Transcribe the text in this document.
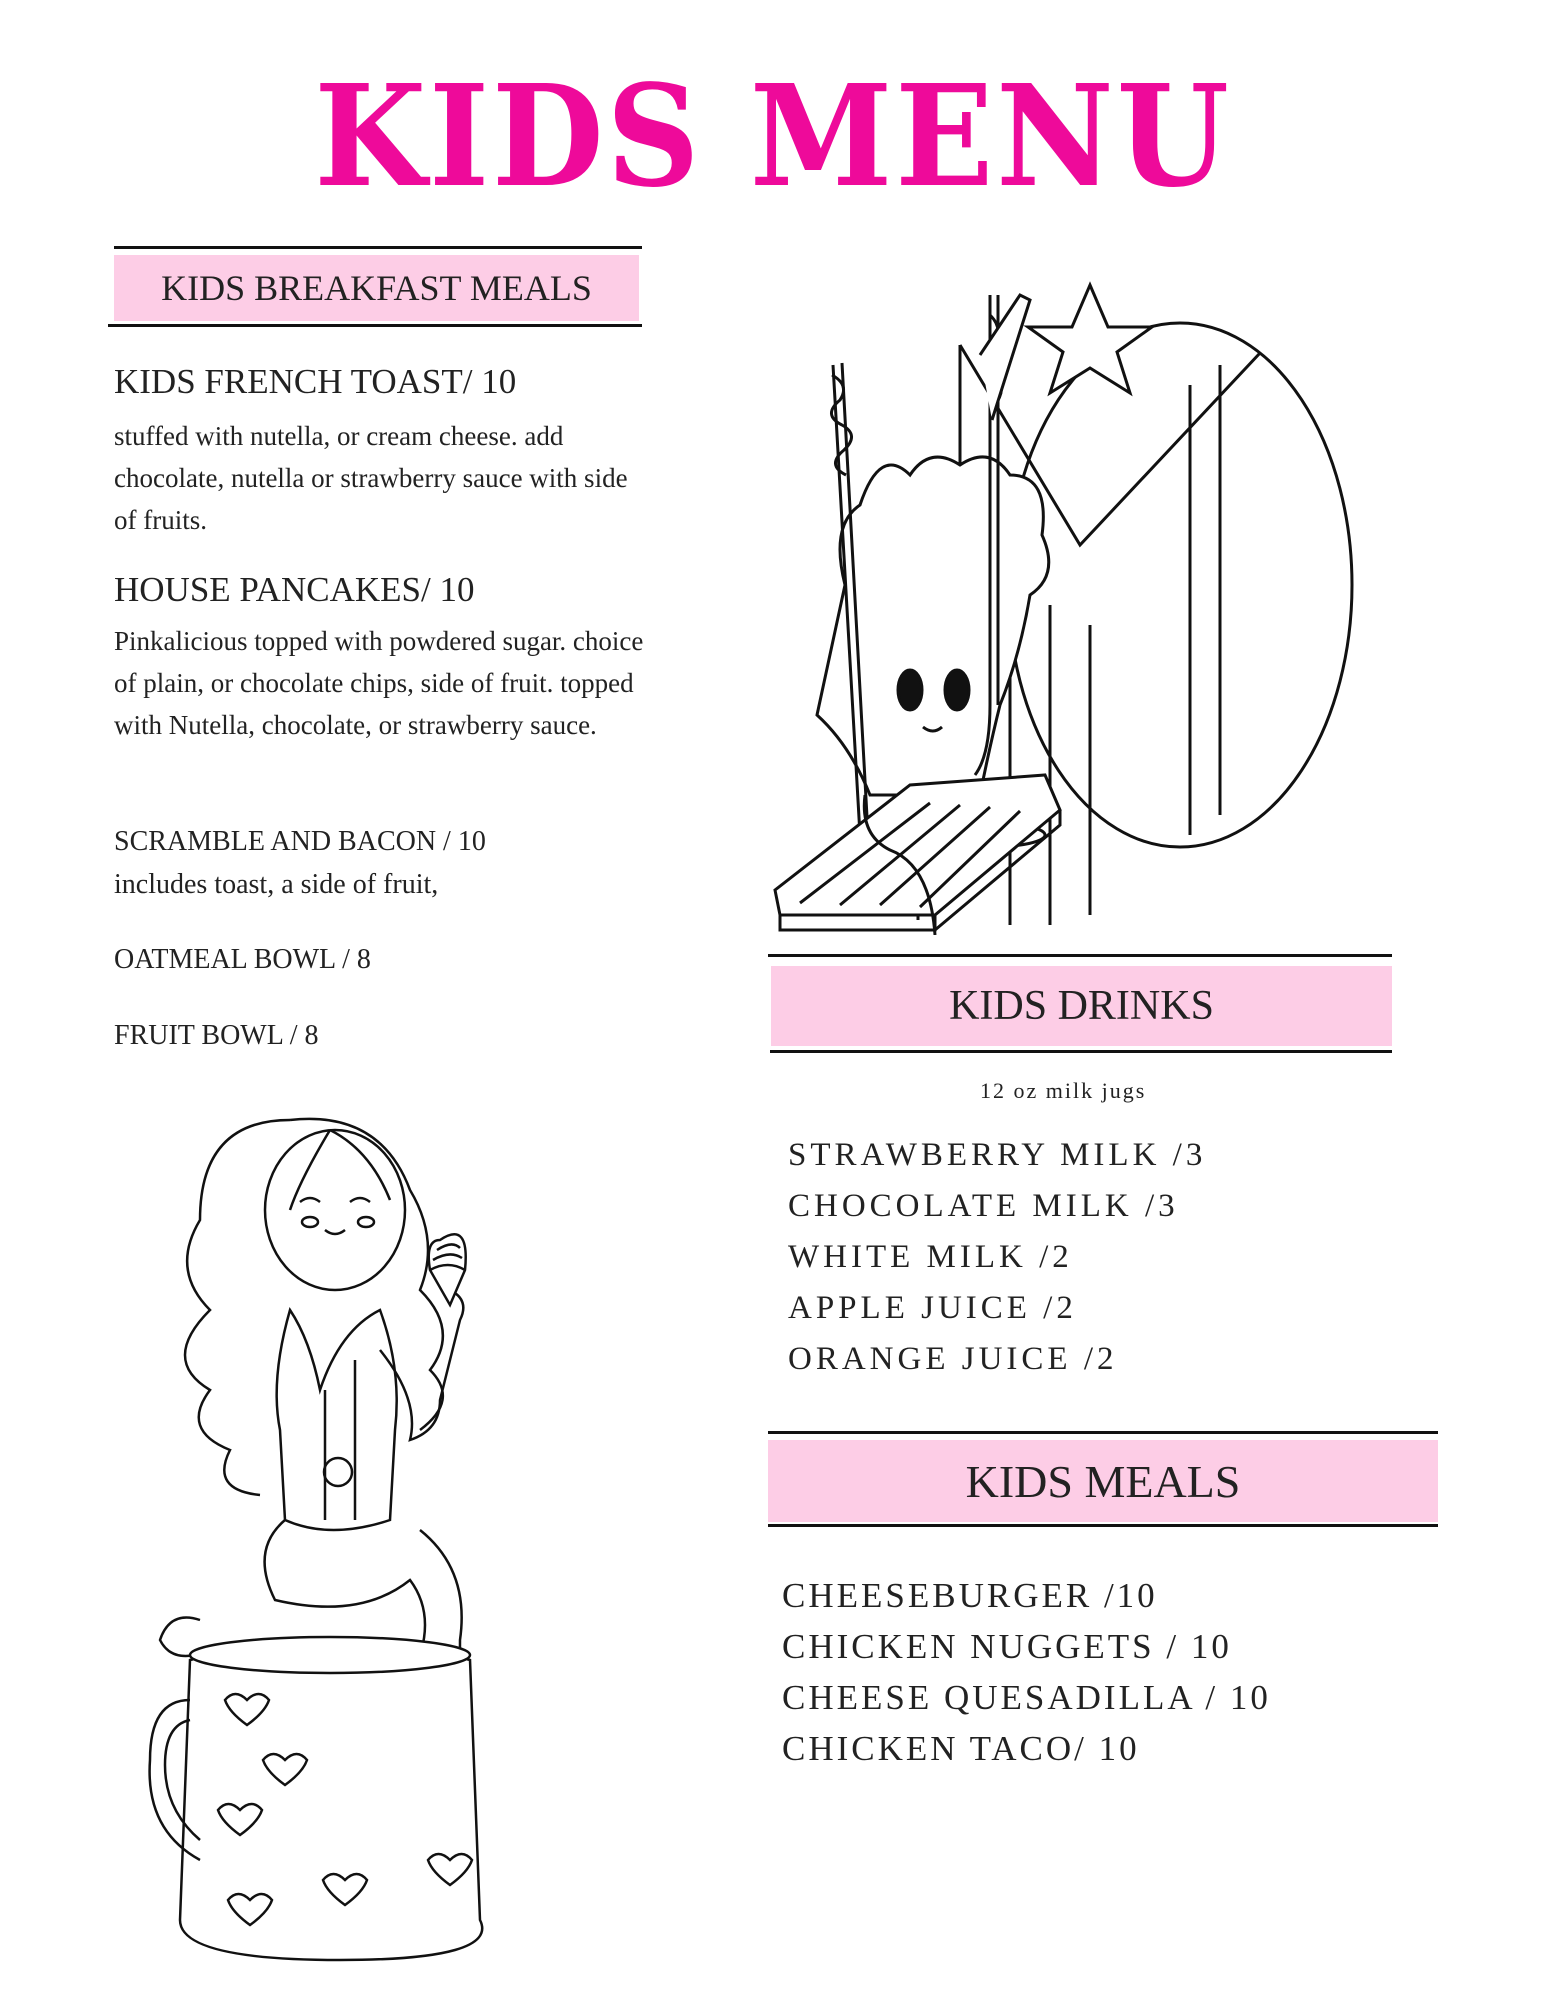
KIDS MENU
KIDS BREAKFAST MEALS
KIDS FRENCH TOAST/ 10
stuffed with nutella, or cream cheese. add chocolate, nutella or strawberry sauce with side of fruits.
HOUSE PANCAKES/ 10
Pinkalicious topped with powdered sugar. choice of plain, or chocolate chips, side of fruit. topped with Nutella, chocolate, or strawberry sauce.
SCRAMBLE AND BACON / 10
includes toast, a side of fruit,
OATMEAL BOWL / 8
FRUIT BOWL / 8
KIDS DRINKS
12 oz milk jugs
STRAWBERRY MILK /3
CHOCOLATE MILK /3
WHITE MILK /2
APPLE JUICE /2
ORANGE JUICE /2
KIDS MEALS
CHEESEBURGER /10
CHICKEN NUGGETS / 10
CHEESE QUESADILLA / 10
CHICKEN TACO/ 10
